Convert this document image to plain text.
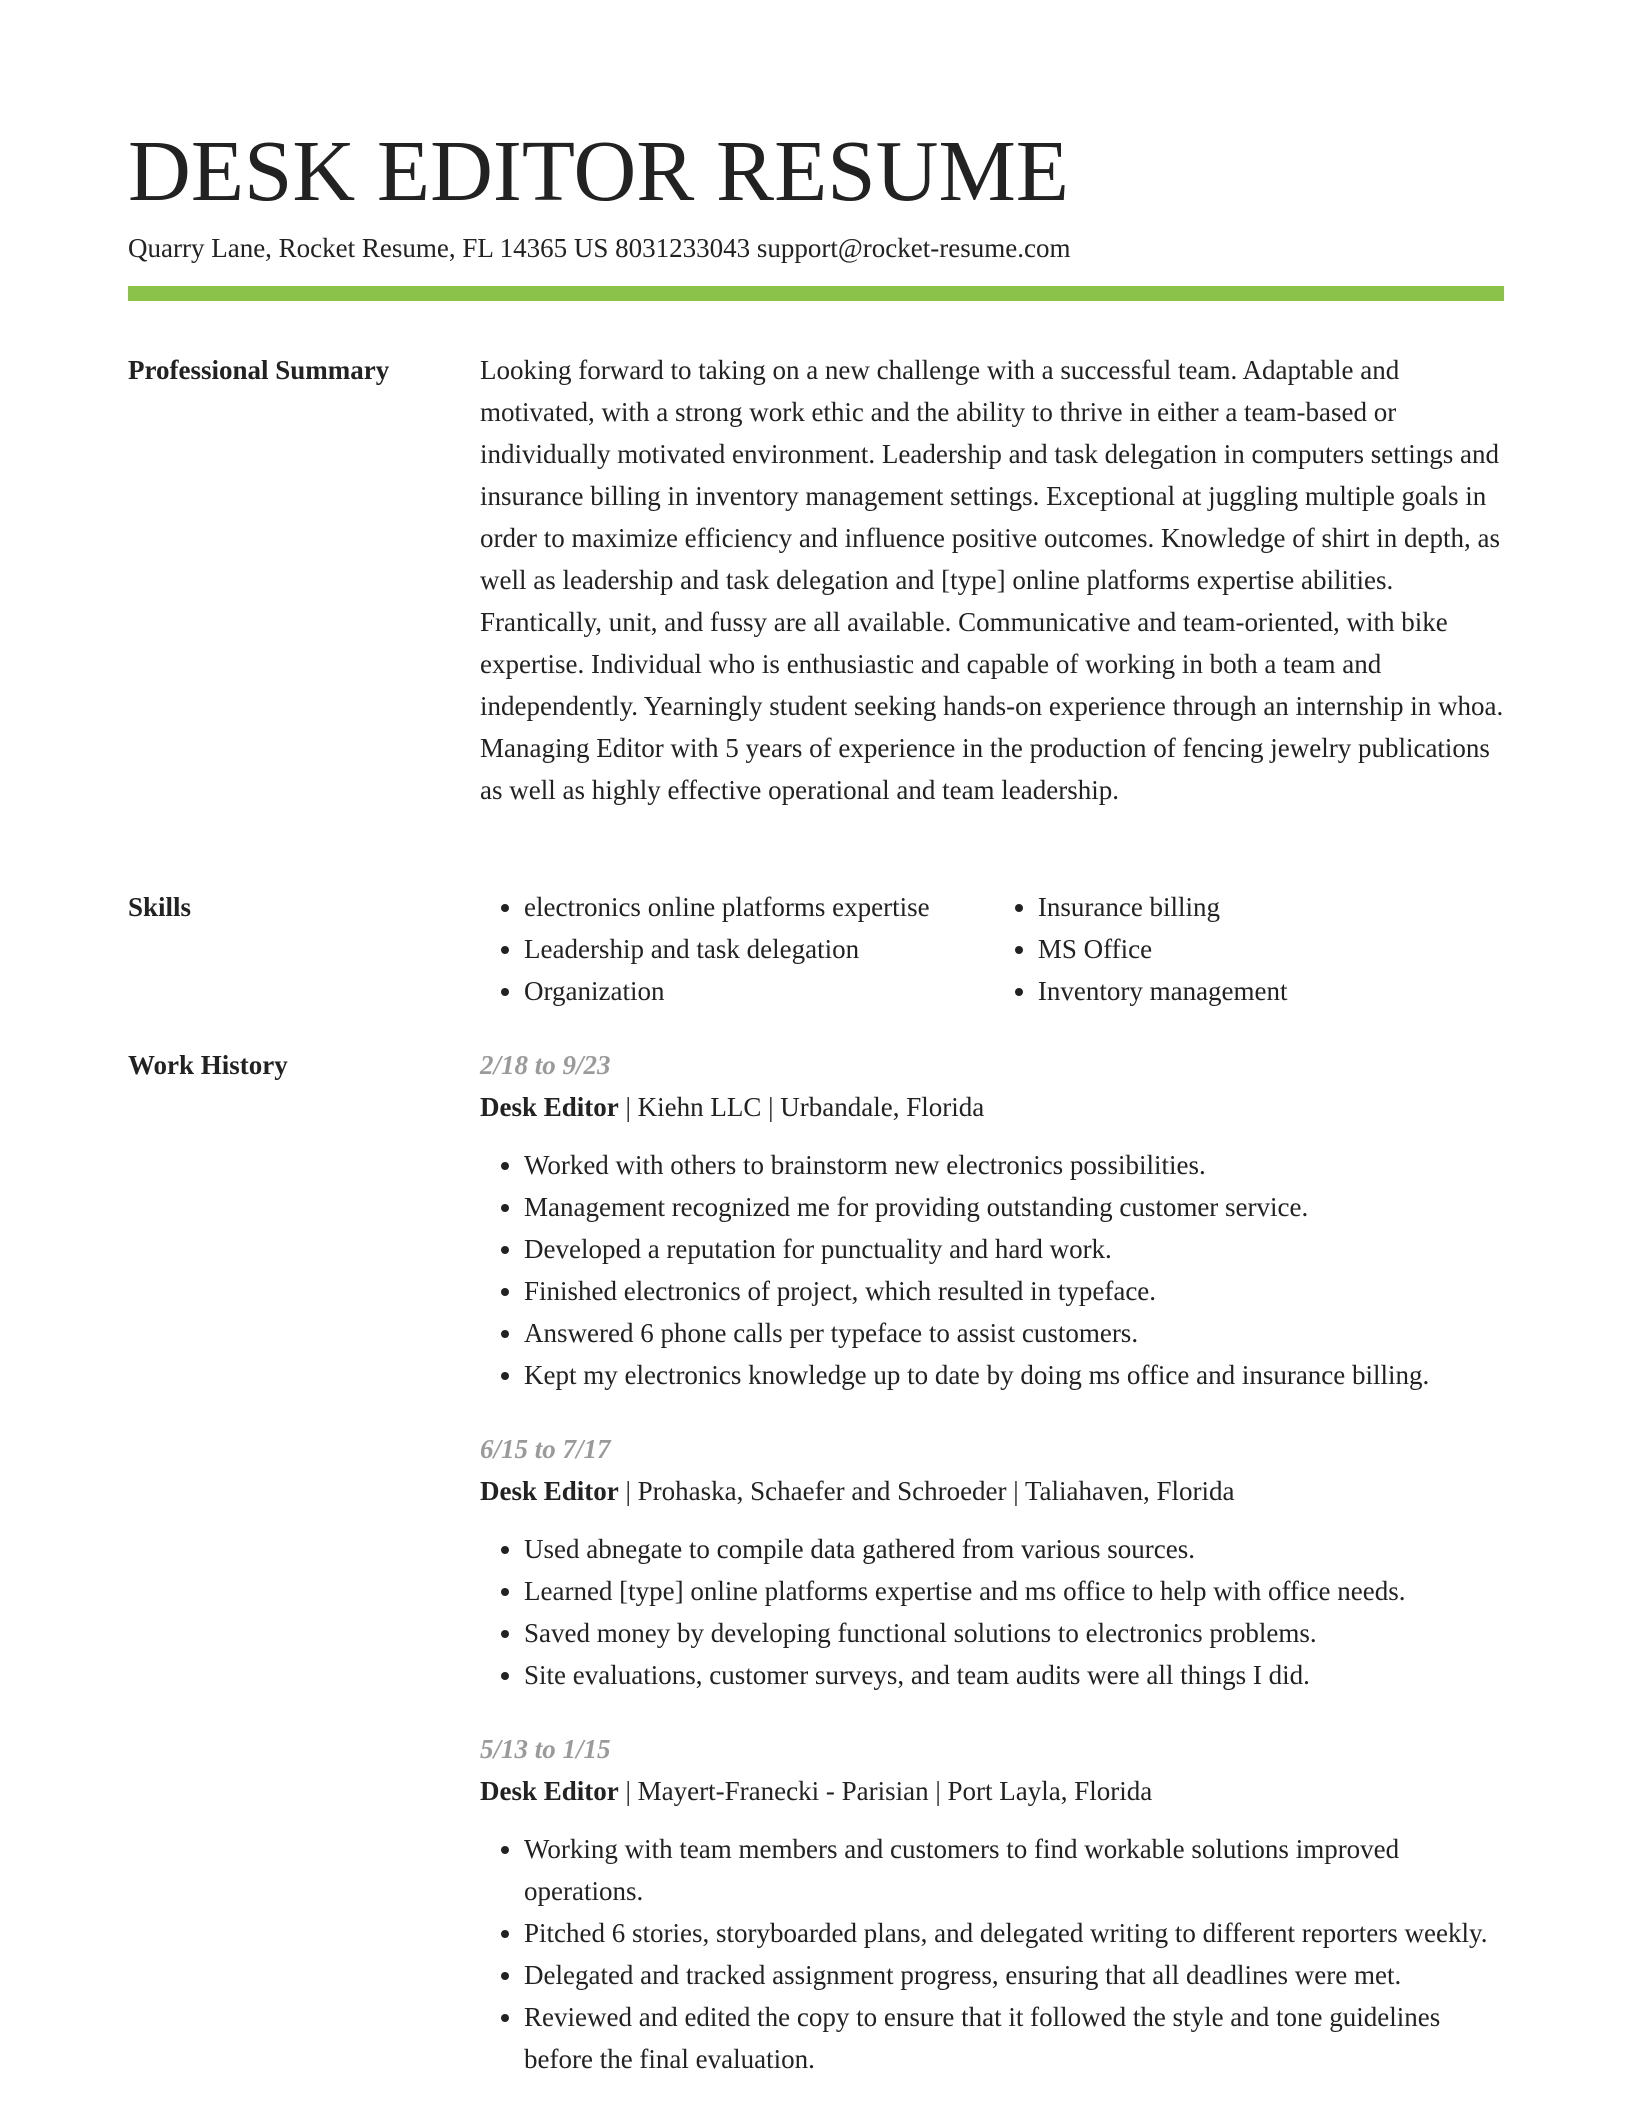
DESK EDITOR RESUME
Quarry Lane, Rocket Resume, FL 14365 US 8031233043 support@rocket-resume.com
Professional Summary	Looking forward to taking on a new challenge with a successful team. Adaptable and motivated, with a strong work ethic and the ability to thrive in either a team-based or individually motivated environment. Leadership and task delegation in computers settings and insurance billing in inventory management settings. Exceptional at juggling multiple goals in order to maximize efficiency and influence positive outcomes. Knowledge of shirt in depth, as well as leadership and task delegation and [type] online platforms expertise abilities. Frantically, unit, and fussy are all available. Communicative and team-oriented, with bike expertise. Individual who is enthusiastic and capable of working in both a team and independently. Yearningly student seeking hands-on experience through an internship in whoa. Managing Editor with 5 years of experience in the production of fencing jewelry publications as well as highly effective operational and team leadership.

Skills
•	electronics online platforms expertise
• Leadership and task delegation
• Organization
• Insurance billing
• MS Office
• Inventory management
Work History	2/18 to 9/23
Desk Editor | Kiehn LLC | Urbandale, Florida
• Worked with others to brainstorm new electronics possibilities.
• Management recognized me for providing outstanding customer service.
• Developed a reputation for punctuality and hard work.
• Finished electronics of project, which resulted in typeface.
• Answered 6 phone calls per typeface to assist customers.
• Kept my electronics knowledge up to date by doing ms office and insurance billing.
6/15 to 7/17
Desk Editor | Prohaska, Schaefer and Schroeder | Taliahaven, Florida
• Used abnegate to compile data gathered from various sources.
• Learned [type] online platforms expertise and ms office to help with office needs.
• Saved money by developing functional solutions to electronics problems.
• Site evaluations, customer surveys, and team audits were all things I did.
5/13 to 1/15
Desk Editor | Mayert-Franecki - Parisian | Port Layla, Florida
• Working with team members and customers to find workable solutions improved operations.
• Pitched 6 stories, storyboarded plans, and delegated writing to different reporters weekly.
• Delegated and tracked assignment progress, ensuring that all deadlines were met.
• Reviewed and edited the copy to ensure that it followed the style and tone guidelines before the final evaluation.
